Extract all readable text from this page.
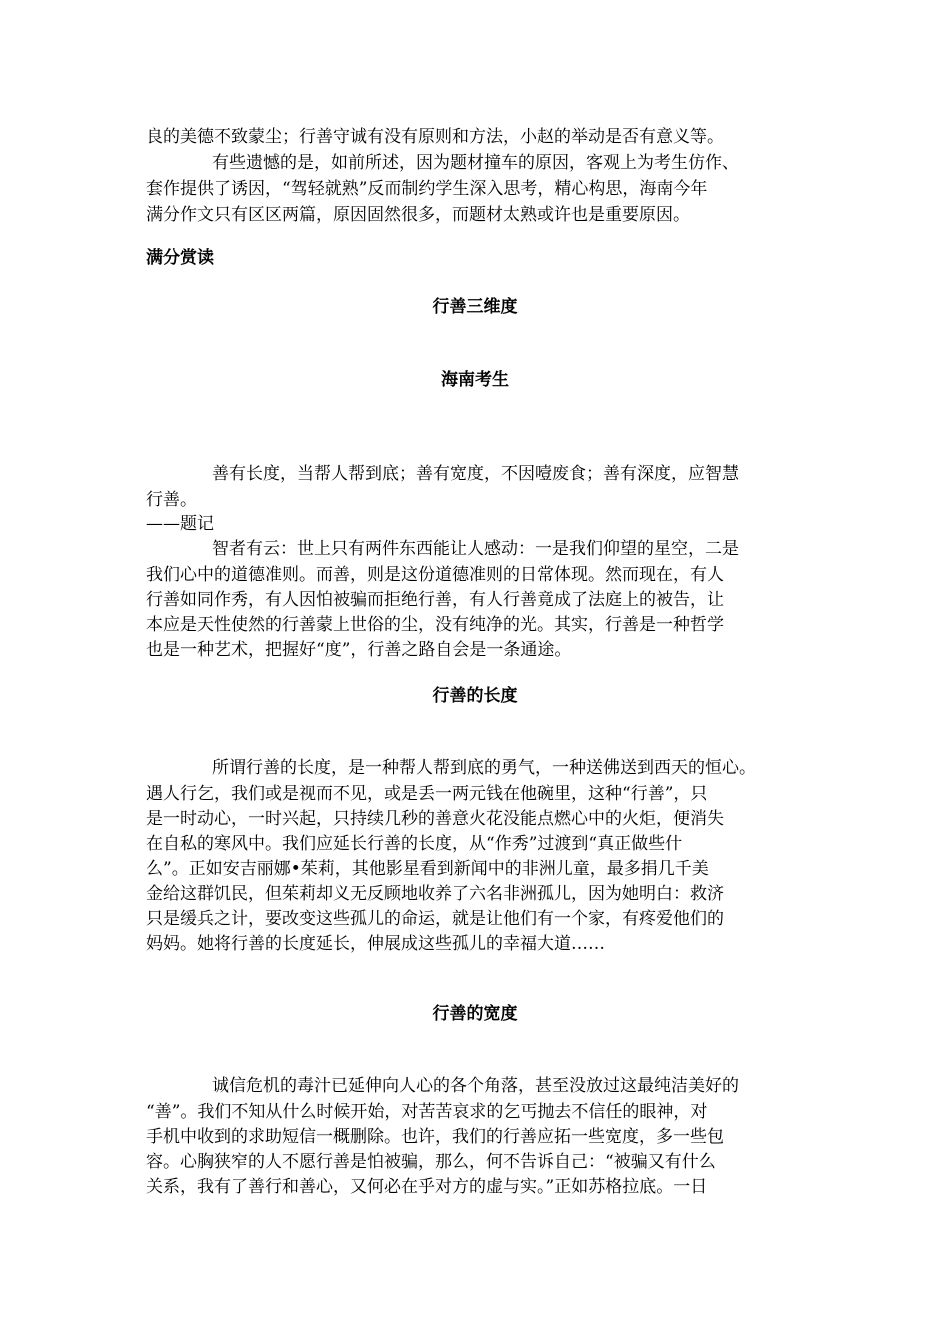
良的美德不致蒙尘；行善守诚有没有原则和方法，小赵的举动是否有意义等。
有些遗憾的是，如前所述，因为题材撞车的原因，客观上为考生仿作、
套作提供了诱因，“驾轻就熟”反而制约学生深入思考，精心构思，海南今年
满分作文只有区区两篇，原因固然很多，而题材太熟或许也是重要原因。
满分赏读
行善三维度
海南考生
善有长度，当帮人帮到底；善有宽度，不因噎废食；善有深度，应智慧
行善。
——题记
智者有云：世上只有两件东西能让人感动：一是我们仰望的星空，二是
我们心中的道德准则。而善，则是这份道德准则的日常体现。然而现在，有人
行善如同作秀，有人因怕被骗而拒绝行善，有人行善竟成了法庭上的被告，让
本应是天性使然的行善蒙上世俗的尘，没有纯净的光。其实，行善是一种哲学
也是一种艺术，把握好“度”，行善之路自会是一条通途。
行善的长度
所谓行善的长度，是一种帮人帮到底的勇气，一种送佛送到西天的恒心。
遇人行乞，我们或是视而不见，或是丢一两元钱在他碗里，这种“行善”，只
是一时动心，一时兴起，只持续几秒的善意火花没能点燃心中的火炬，便消失
在自私的寒风中。我们应延长行善的长度，从“作秀”过渡到“真正做些什
么”。正如安吉丽娜•茱莉，其他影星看到新闻中的非洲儿童，最多捐几千美
金给这群饥民，但茱莉却义无反顾地收养了六名非洲孤儿，因为她明白：救济
只是缓兵之计，要改变这些孤儿的命运，就是让他们有一个家，有疼爱他们的
妈妈。她将行善的长度延长，伸展成这些孤儿的幸福大道……
行善的宽度
诚信危机的毒汁已延伸向人心的各个角落，甚至没放过这最纯洁美好的
“善”。我们不知从什么时候开始，对苦苦哀求的乞丐抛去不信任的眼神，对
手机中收到的求助短信一概删除。也许，我们的行善应拓一些宽度，多一些包
容。心胸狭窄的人不愿行善是怕被骗，那么，何不告诉自己：“被骗又有什么
关系，我有了善行和善心，又何必在乎对方的虚与实。”正如苏格拉底。一日
